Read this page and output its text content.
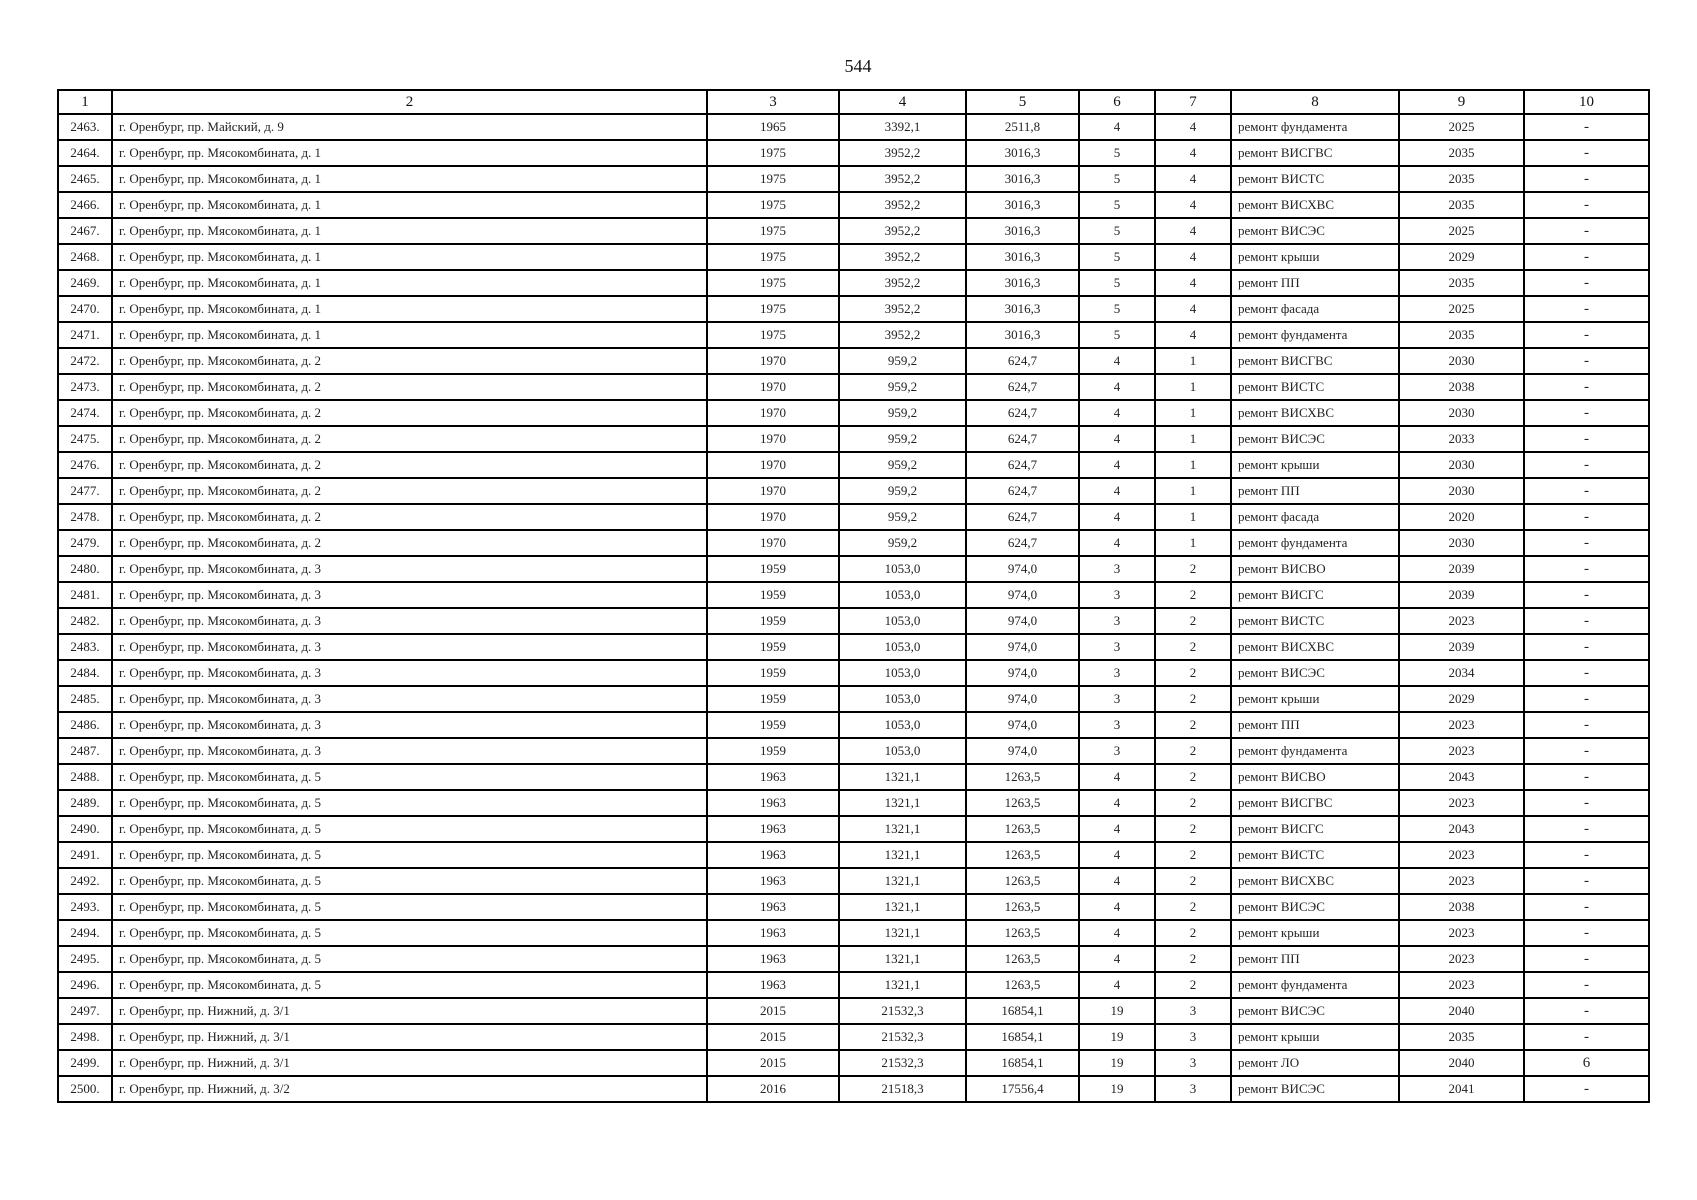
544
1	2	3	4	5	6	7	8	9	10
2463.	г. Оренбург, пр. Майский, д. 9	1965	3392,1	2511,8	4	4	ремонт фундамента	2025	-
2464.	г. Оренбург, пр. Мясокомбината, д. 1	1975	3952,2	3016,3	5	4	ремонт ВИСГВС	2035	-
2465.	г. Оренбург, пр. Мясокомбината, д. 1	1975	3952,2	3016,3	5	4	ремонт ВИСТС	2035	-
2466.	г. Оренбург, пр. Мясокомбината, д. 1	1975	3952,2	3016,3	5	4	ремонт ВИСХВС	2035	-
2467.	г. Оренбург, пр. Мясокомбината, д. 1	1975	3952,2	3016,3	5	4	ремонт ВИСЭС	2025	-
2468.	г. Оренбург, пр. Мясокомбината, д. 1	1975	3952,2	3016,3	5	4	ремонт крыши	2029	-
2469.	г. Оренбург, пр. Мясокомбината, д. 1	1975	3952,2	3016,3	5	4	ремонт ПП	2035	-
2470.	г. Оренбург, пр. Мясокомбината, д. 1	1975	3952,2	3016,3	5	4	ремонт фасада	2025	-
2471.	г. Оренбург, пр. Мясокомбината, д. 1	1975	3952,2	3016,3	5	4	ремонт фундамента	2035	-
2472.	г. Оренбург, пр. Мясокомбината, д. 2	1970	959,2	624,7	4	1	ремонт ВИСГВС	2030	-
2473.	г. Оренбург, пр. Мясокомбината, д. 2	1970	959,2	624,7	4	1	ремонт ВИСТС	2038	-
2474.	г. Оренбург, пр. Мясокомбината, д. 2	1970	959,2	624,7	4	1	ремонт ВИСХВС	2030	-
2475.	г. Оренбург, пр. Мясокомбината, д. 2	1970	959,2	624,7	4	1	ремонт ВИСЭС	2033	-
2476.	г. Оренбург, пр. Мясокомбината, д. 2	1970	959,2	624,7	4	1	ремонт крыши	2030	-
2477.	г. Оренбург, пр. Мясокомбината, д. 2	1970	959,2	624,7	4	1	ремонт ПП	2030	-
2478.	г. Оренбург, пр. Мясокомбината, д. 2	1970	959,2	624,7	4	1	ремонт фасада	2020	-
2479.	г. Оренбург, пр. Мясокомбината, д. 2	1970	959,2	624,7	4	1	ремонт фундамента	2030	-
2480.	г. Оренбург, пр. Мясокомбината, д. 3	1959	1053,0	974,0	3	2	ремонт ВИСВО	2039	-
2481.	г. Оренбург, пр. Мясокомбината, д. 3	1959	1053,0	974,0	3	2	ремонт ВИСГС	2039	-
2482.	г. Оренбург, пр. Мясокомбината, д. 3	1959	1053,0	974,0	3	2	ремонт ВИСТС	2023	-
2483.	г. Оренбург, пр. Мясокомбината, д. 3	1959	1053,0	974,0	3	2	ремонт ВИСХВС	2039	-
2484.	г. Оренбург, пр. Мясокомбината, д. 3	1959	1053,0	974,0	3	2	ремонт ВИСЭС	2034	-
2485.	г. Оренбург, пр. Мясокомбината, д. 3	1959	1053,0	974,0	3	2	ремонт крыши	2029	-
2486.	г. Оренбург, пр. Мясокомбината, д. 3	1959	1053,0	974,0	3	2	ремонт ПП	2023	-
2487.	г. Оренбург, пр. Мясокомбината, д. 3	1959	1053,0	974,0	3	2	ремонт фундамента	2023	-
2488.	г. Оренбург, пр. Мясокомбината, д. 5	1963	1321,1	1263,5	4	2	ремонт ВИСВО	2043	-
2489.	г. Оренбург, пр. Мясокомбината, д. 5	1963	1321,1	1263,5	4	2	ремонт ВИСГВС	2023	-
2490.	г. Оренбург, пр. Мясокомбината, д. 5	1963	1321,1	1263,5	4	2	ремонт ВИСГС	2043	-
2491.	г. Оренбург, пр. Мясокомбината, д. 5	1963	1321,1	1263,5	4	2	ремонт ВИСТС	2023	-
2492.	г. Оренбург, пр. Мясокомбината, д. 5	1963	1321,1	1263,5	4	2	ремонт ВИСХВС	2023	-
2493.	г. Оренбург, пр. Мясокомбината, д. 5	1963	1321,1	1263,5	4	2	ремонт ВИСЭС	2038	-
2494.	г. Оренбург, пр. Мясокомбината, д. 5	1963	1321,1	1263,5	4	2	ремонт крыши	2023	-
2495.	г. Оренбург, пр. Мясокомбината, д. 5	1963	1321,1	1263,5	4	2	ремонт ПП	2023	-
2496.	г. Оренбург, пр. Мясокомбината, д. 5	1963	1321,1	1263,5	4	2	ремонт фундамента	2023	-
2497.	г. Оренбург, пр. Нижний, д. 3/1	2015	21532,3	16854,1	19	3	ремонт ВИСЭС	2040	-
2498.	г. Оренбург, пр. Нижний, д. 3/1	2015	21532,3	16854,1	19	3	ремонт крыши	2035	-
2499.	г. Оренбург, пр. Нижний, д. 3/1	2015	21532,3	16854,1	19	3	ремонт ЛО	2040	6
2500.	г. Оренбург, пр. Нижний, д. 3/2	2016	21518,3	17556,4	19	3	ремонт ВИСЭС	2041	-
